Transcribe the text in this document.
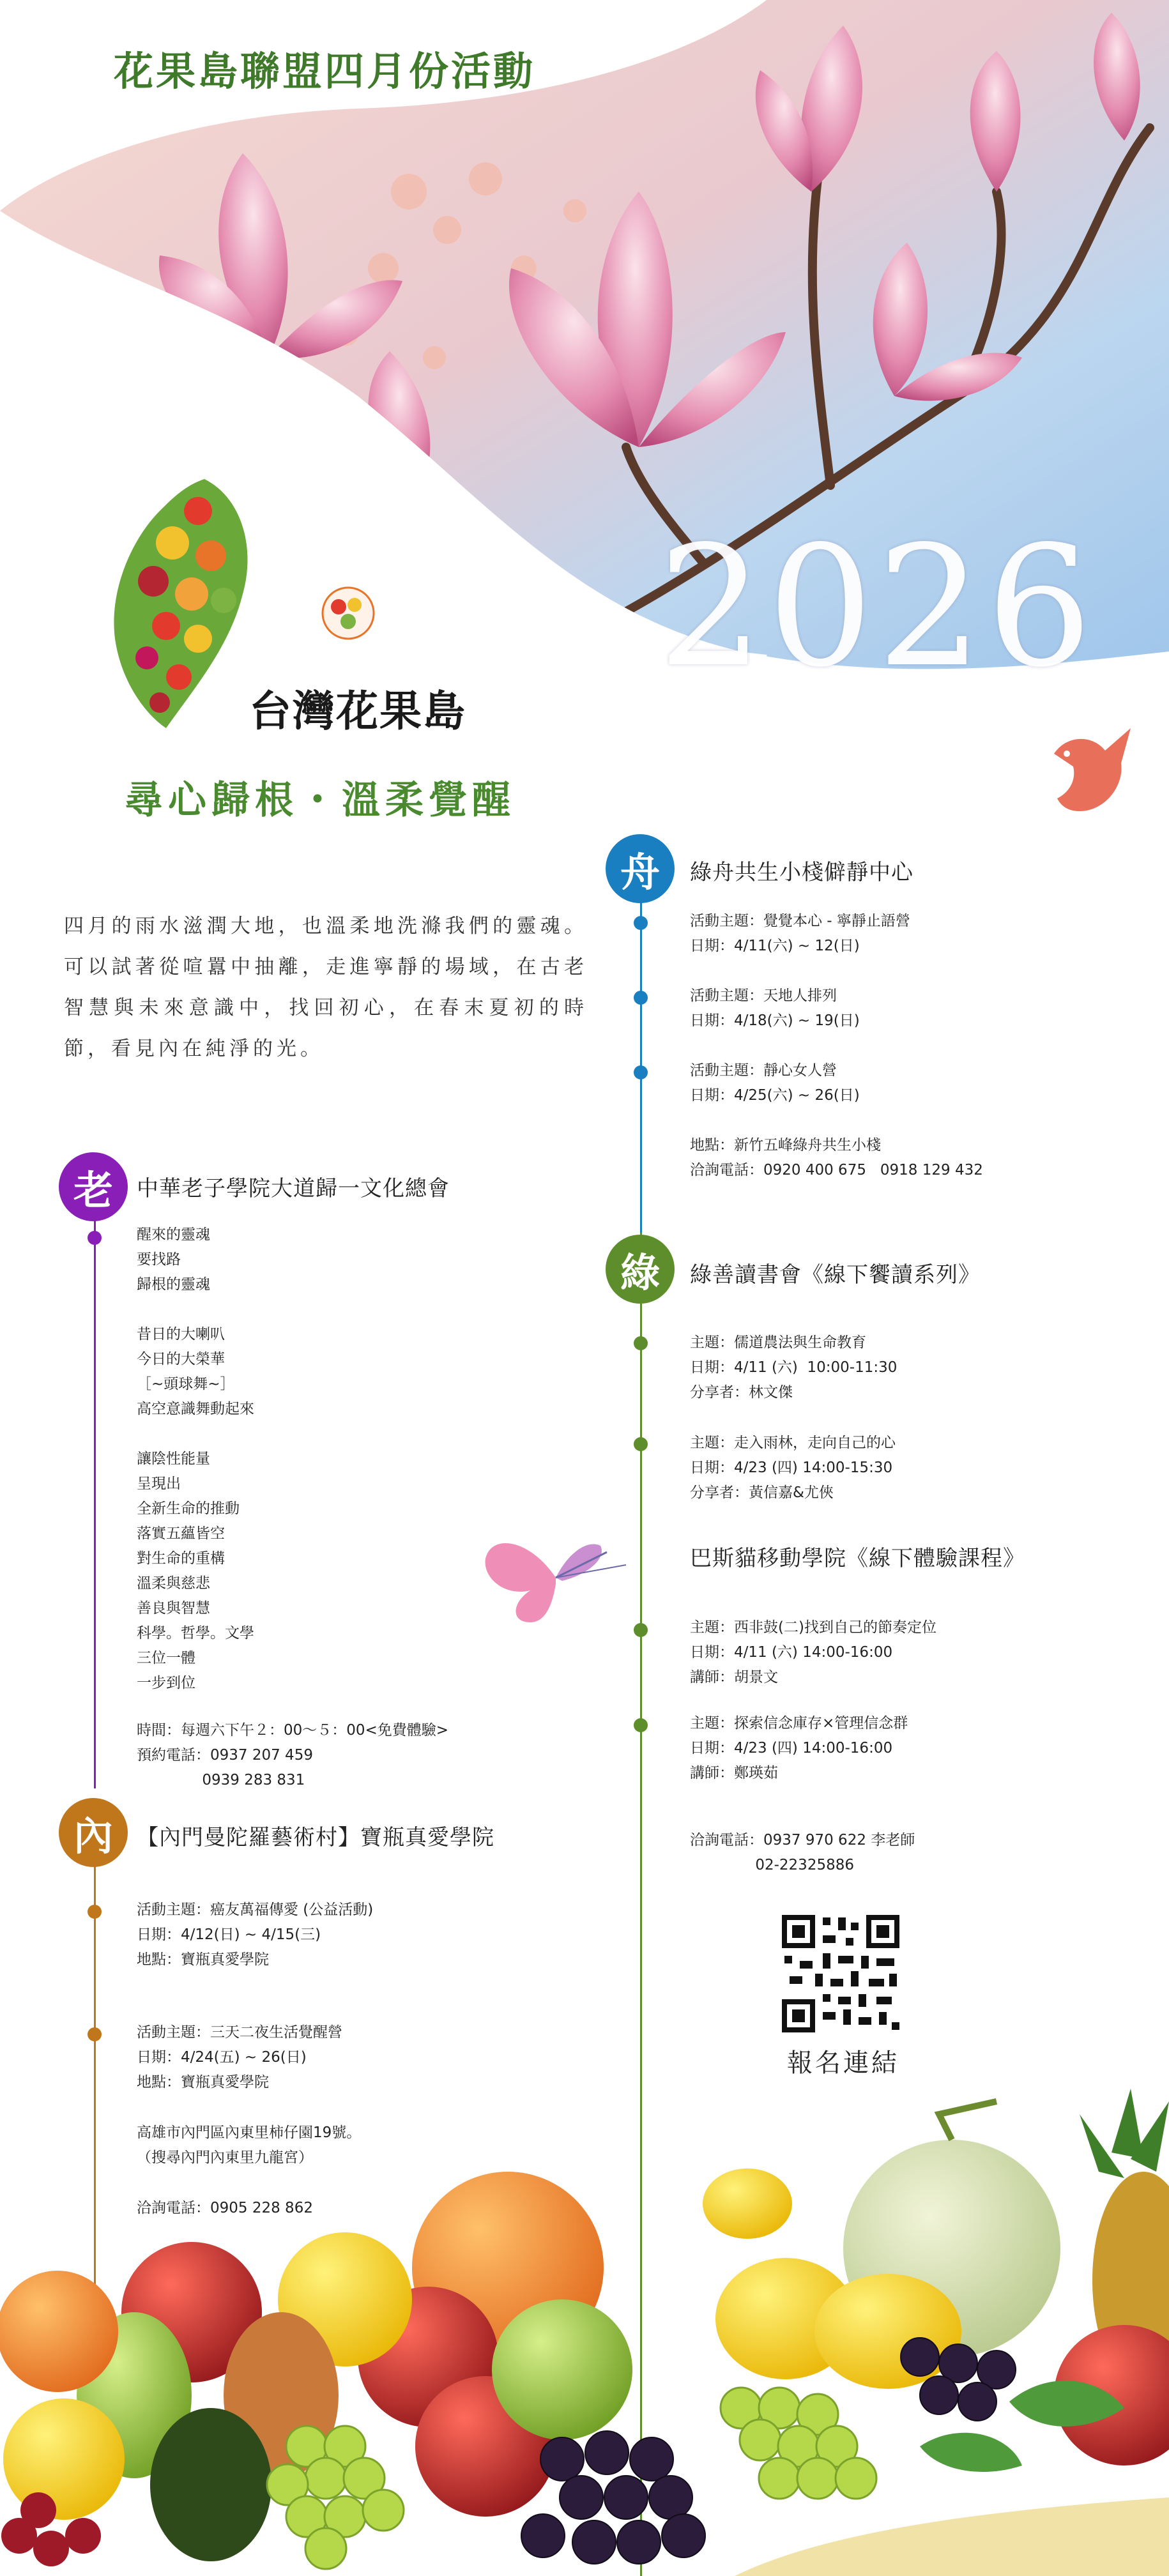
花果島聯盟四月份活動
2026
台灣花果島
尋心歸根・溫柔覺醒
四月的雨水滋潤大地，也溫柔地洗滌我們的靈魂。可以試著從喧囂中抽離，走進寧靜的場域，在古老智慧與未來意識中，找回初心，在春末夏初的時節，看見內在純淨的光。
老	中華老子學院大道歸一文化總會
醒來的靈魂
要找路
歸根的靈魂

昔日的大喇叭
今日的大榮華
［~頭球舞~］
高空意識舞動起來

讓陰性能量
呈現出
全新生命的推動
落實五蘊皆空
對生命的重構
溫柔與慈悲
善良與智慧
科學。哲學。文學
三位一體
一步到位
時間：每週六下午２：00～５：00<免費體驗>
預約電話：0937 207 459
0939 283 831
內	【內門曼陀羅藝術村】寶瓶真愛學院
活動主題：癌友萬福傳愛 (公益活動)
日期：4/12(日) ~ 4/15(三)
地點：寶瓶真愛學院
活動主題：三天二夜生活覺醒營
日期：4/24(五) ~ 26(日)
地點：寶瓶真愛學院
高雄市內門區內東里柿仔園19號。
（搜尋內門內東里九龍宮）
洽詢電話：0905 228 862
舟	綠舟共生小棧僻靜中心
活動主題：覺覺本心 - 寧靜止語營
日期：4/11(六) ~ 12(日)
活動主題：天地人排列
日期：4/18(六) ~ 19(日)
活動主題：靜心女人營
日期：4/25(六) ~ 26(日)
地點：新竹五峰綠舟共生小棧
洽詢電話：0920 400 675   0918 129 432
綠	綠善讀書會《線下饗讀系列》
主題：儒道農法與生命教育
日期：4/11 (六)  10:00-11:30
分享者：林文傑
主題：走入雨林，走向自己的心
日期：4/23 (四) 14:00-15:30
分享者：黃信嘉&尤俠
巴斯貓移動學院《線下體驗課程》
主題：西非鼓(二)找到自己的節奏定位
日期：4/11 (六) 14:00-16:00
講師：胡景文
主題：探索信念庫存×管理信念群
日期：4/23 (四) 14:00-16:00
講師：鄭瑛茹
洽詢電話：0937 970 622 李老師
02-22325886
報名連結
